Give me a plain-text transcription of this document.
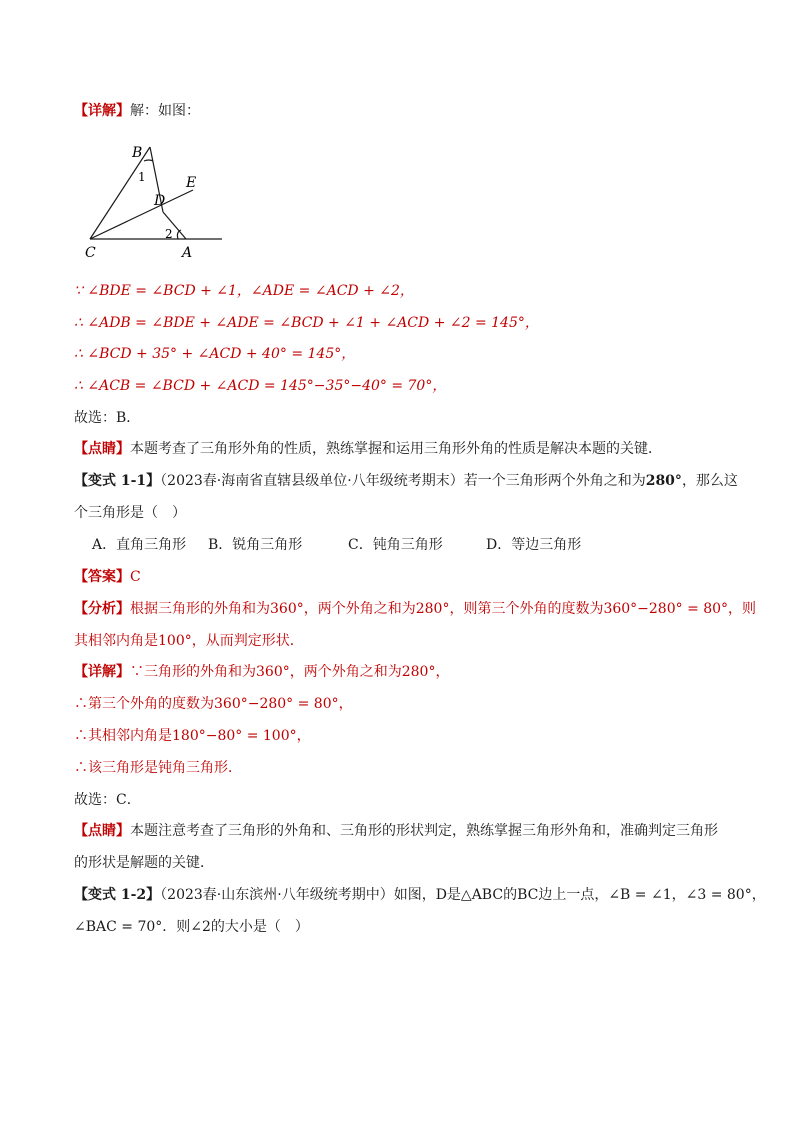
【详解】解：如图：
B
1	E
D
2
C	A
∵ ∠BDE = ∠BCD + ∠1，∠ADE = ∠ACD + ∠2，
∴ ∠ADB = ∠BDE + ∠ADE = ∠BCD + ∠1 + ∠ACD + ∠2 = 145°，
∴ ∠BCD + 35° + ∠ACD + 40° = 145°，
∴ ∠ACB = ∠BCD + ∠ACD = 145°−35°−40° = 70°，
故选：B．
【点睛】本题考查了三角形外角的性质，熟练掌握和运用三角形外角的性质是解决本题的关键．
【变式 1-1】（2023春·海南省直辖县级单位·八年级统考期末）若一个三角形两个外角之和为280°，那么这
个三角形是（　）
A．直角三角形 B．锐角三角形	C．钝角三角形	D．等边三角形
【答案】C
【分析】根据三角形的外角和为360°，两个外角之和为280°，则第三个外角的度数为360°−280° = 80°，则
其相邻内角是100°，从而判定形状．
【详解】∵三角形的外角和为360°，两个外角之和为280°，
∴第三个外角的度数为360°−280° = 80°，
∴其相邻内角是180°−80° = 100°，
∴该三角形是钝角三角形．
故选：C．
【点睛】本题注意考查了三角形的外角和、三角形的形状判定，熟练掌握三角形外角和，准确判定三角形
的形状是解题的关键．
【变式 1-2】（2023春·山东滨州·八年级统考期中）如图，D是△ABC的BC边上一点，∠B = ∠1，∠3 = 80°，
∠BAC = 70°．则∠2的大小是（　）
